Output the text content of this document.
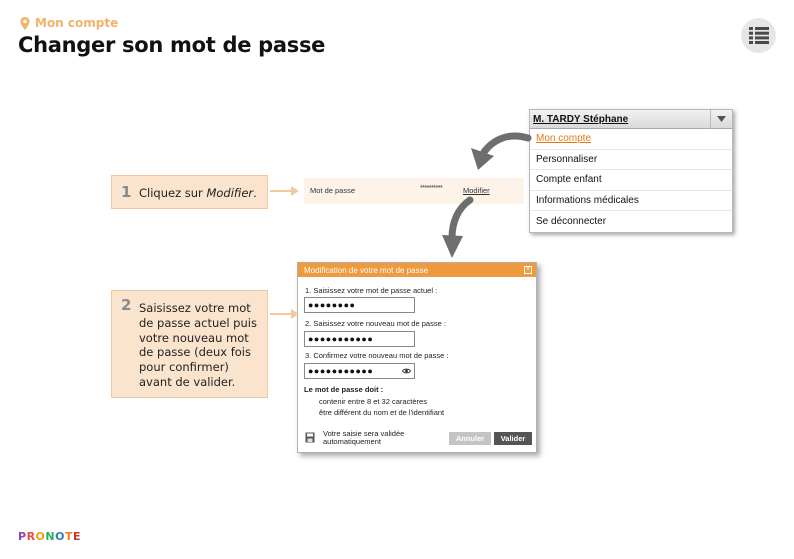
Mon compte
Changer son mot de passe
M. TARDY Stéphane
Mon compte
Personnaliser
Compte enfant
Informations médicales
Se déconnecter
1 Cliquez sur Modifier.	Mot de passe	**********	Modifier
2 Saisissez votre mot
de passe actuel puis
votre nouveau mot
de passe (deux fois
pour confirmer)
avant de valider.
Modification de votre mot de passe	×
1. Saisissez votre mot de passe actuel :
●●●●●●●●
2. Saisissez votre nouveau mot de passe :
●●●●●●●●●●●
3. Confirmez votre nouveau mot de passe :
●●●●●●●●●●●
Le mot de passe doit :
contenir entre 8 et 32 caractères
être différent du nom et de l'identifiant
Votre saisie sera validée
automatiquement	Annuler	Valider
PRONOTE
